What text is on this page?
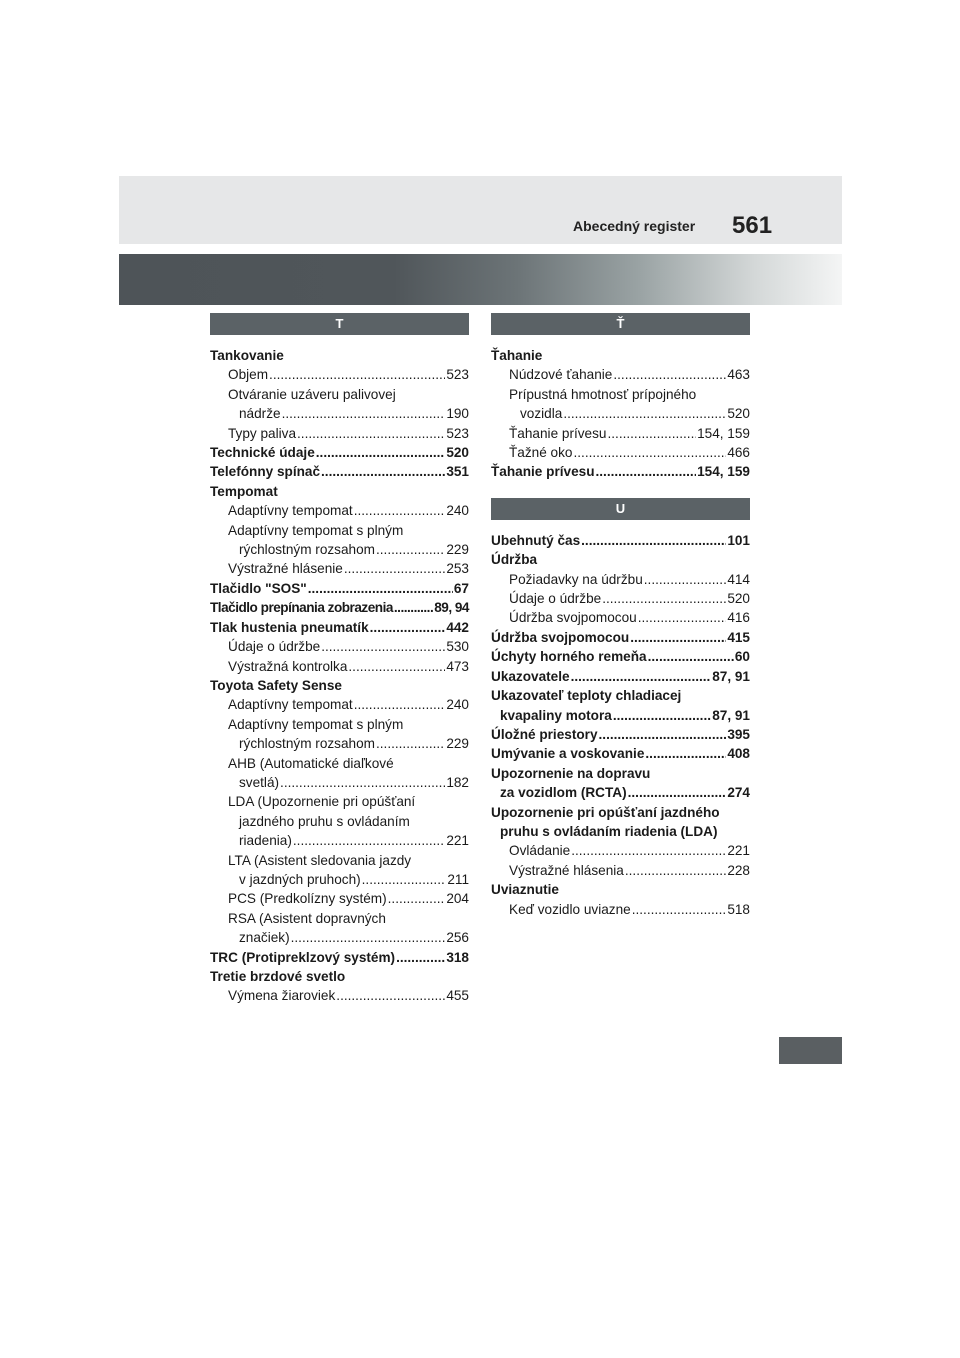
Abecedný register 561
T
Tankovanie
Objem .....	523
Otváranie uzáveru palivovej
nádrže .....	190
Typy paliva .....	523
Technické údaje .....	520
Telefónny spínač .....	351
Tempomat
Adaptívny tempomat .....	240
Adaptívny tempomat s plným
rýchlostným rozsahom .....	229
Výstražné hlásenie .....	253
Tlačidlo "SOS" .....	67
Tlačidlo prepínania zobrazenia .....	89, 94
Tlak hustenia pneumatík .....	442
Údaje o údržbe .....	530
Výstražná kontrolka .....	473
Toyota Safety Sense
Adaptívny tempomat .....	240
Adaptívny tempomat s plným
rýchlostným rozsahom .....	229
AHB (Automatické diaľkové
svetlá) .....	182
LDA (Upozornenie pri opúšťaní
jazdného pruhu s ovládaním
riadenia) .....	221
LTA (Asistent sledovania jazdy
v jazdných pruhoch) .....	211
PCS (Predkolízny systém) .....	204
RSA (Asistent dopravných
značiek) .....	256
TRC (Protipreklzový systém) .....	318
Tretie brzdové svetlo
Výmena žiaroviek .....	455
Ť
Ťahanie
Núdzové ťahanie .....	463
Prípustná hmotnosť prípojného
vozidla .....	520
Ťahanie prívesu .....	154, 159
Ťažné oko .....	466
Ťahanie prívesu .....	154, 159
U
Ubehnutý čas .....	101
Údržba
Požiadavky na údržbu .....	414
Údaje o údržbe .....	520
Údržba svojpomocou .....	416
Údržba svojpomocou .....	415
Úchyty horného remeňa .....	60
Ukazovatele .....	87, 91
Ukazovateľ teploty chladiacej
kvapaliny motora .....	87, 91
Úložné priestory .....	395
Umývanie a voskovanie .....	408
Upozornenie na dopravu
za vozidlom (RCTA) .....	274
Upozornenie pri opúšťaní jazdného
pruhu s ovládaním riadenia (LDA)
Ovládanie .....	221
Výstražné hlásenia .....	228
Uviaznutie
Keď vozidlo uviazne .....	518
